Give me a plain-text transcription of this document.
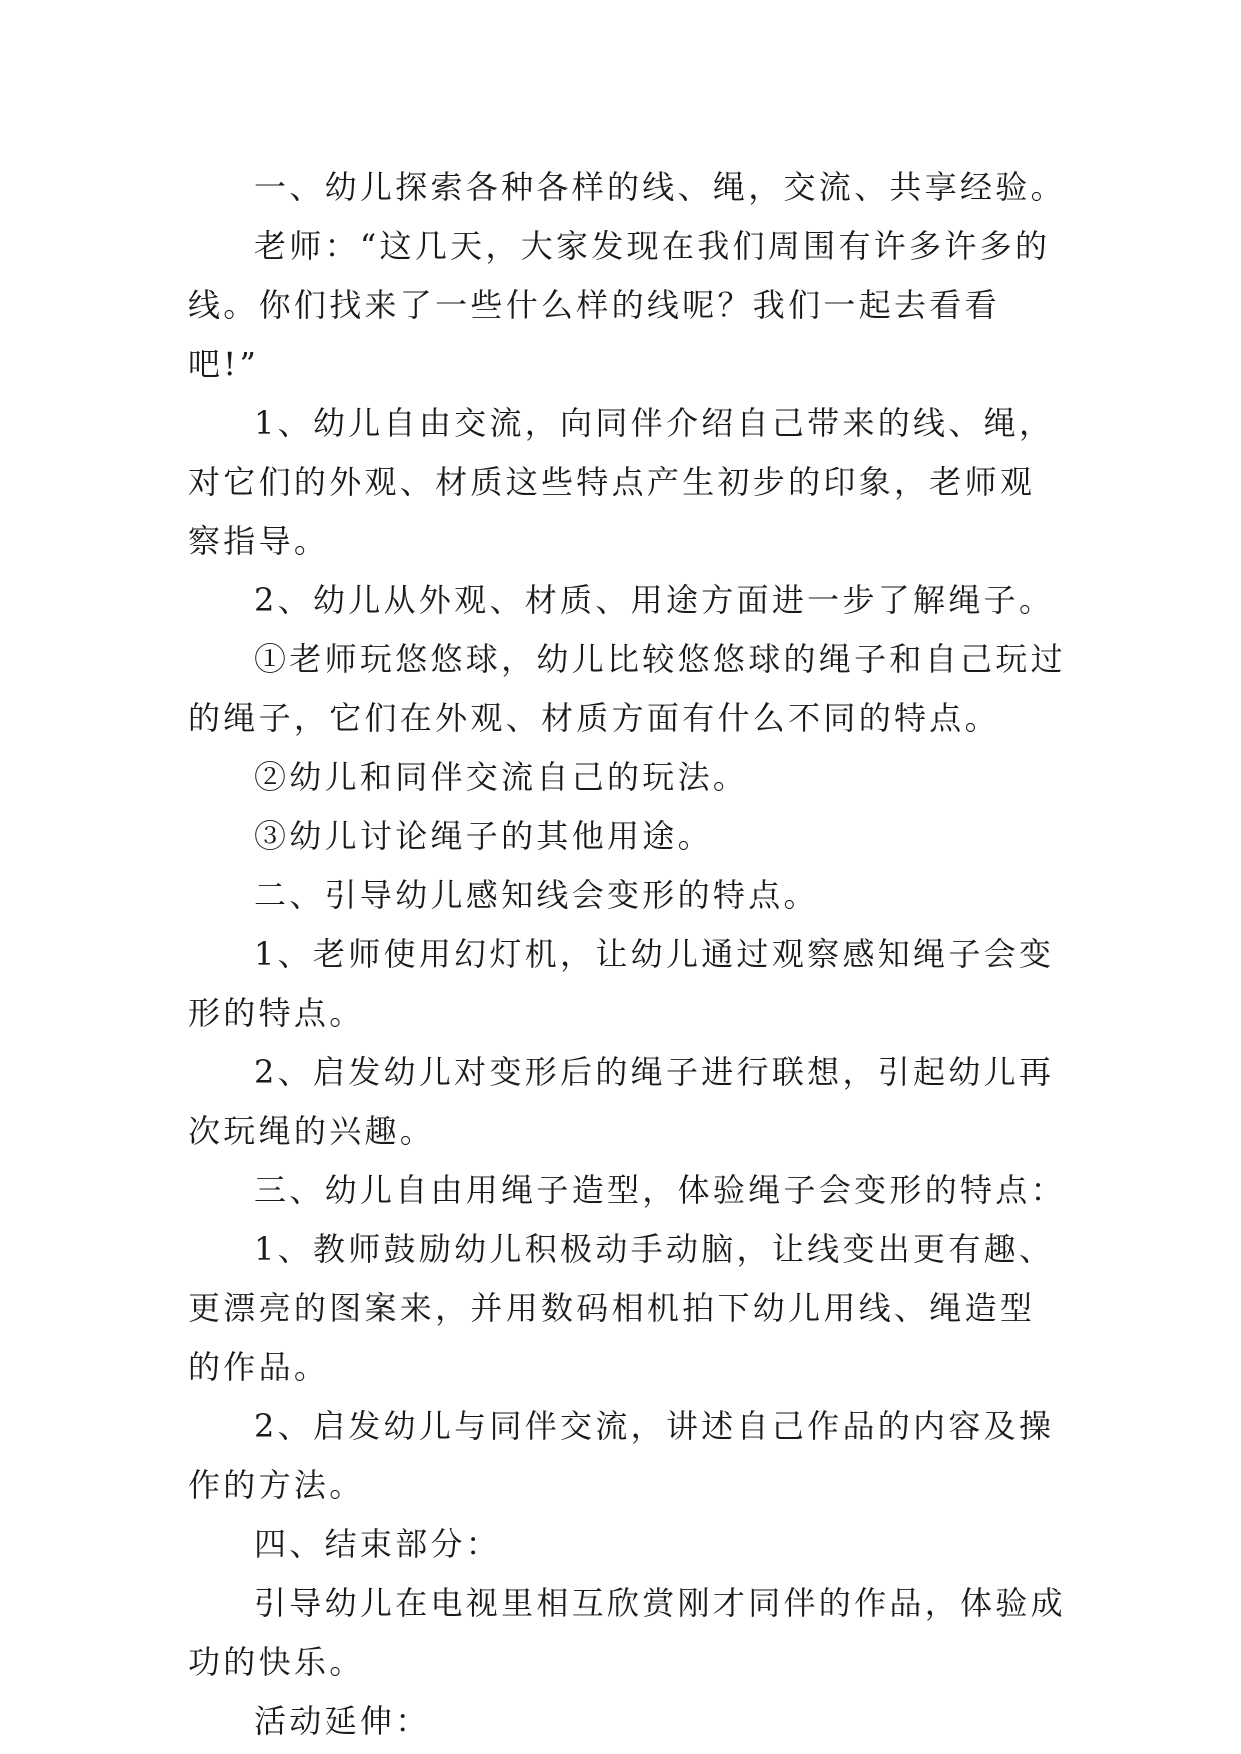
一、幼儿探索各种各样的线、绳，交流、共享经验。

老师：“这几天，大家发现在我们周围有许多许多的线。你们找来了一些什么样的线呢？我们一起去看看吧!”

1、幼儿自由交流，向同伴介绍自己带来的线、绳，对它们的外观、材质这些特点产生初步的印象，老师观察指导。

2、幼儿从外观、材质、用途方面进一步了解绳子。

①老师玩悠悠球，幼儿比较悠悠球的绳子和自己玩过的绳子，它们在外观、材质方面有什么不同的特点。

②幼儿和同伴交流自己的玩法。

③幼儿讨论绳子的其他用途。

二、引导幼儿感知线会变形的特点。

1、老师使用幻灯机，让幼儿通过观察感知绳子会变形的特点。

2、启发幼儿对变形后的绳子进行联想，引起幼儿再次玩绳的兴趣。

三、幼儿自由用绳子造型，体验绳子会变形的特点：

1、教师鼓励幼儿积极动手动脑，让线变出更有趣、更漂亮的图案来，并用数码相机拍下幼儿用线、绳造型的作品。

2、启发幼儿与同伴交流，讲述自己作品的内容及操作的方法。

四、结束部分：

引导幼儿在电视里相互欣赏刚才同伴的作品，体验成功的快乐。

活动延伸：
